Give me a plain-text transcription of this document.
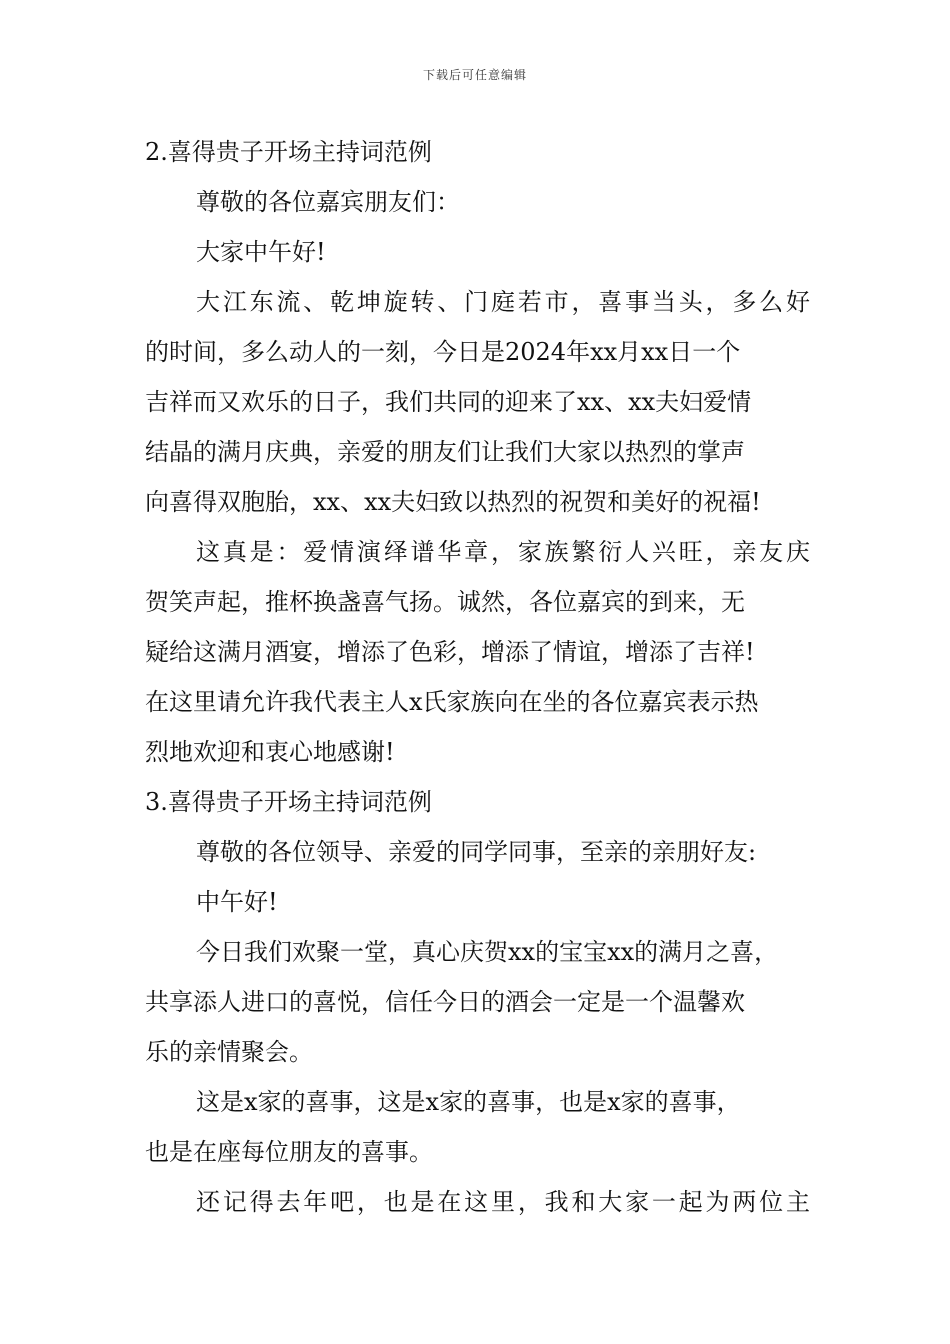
下载后可任意编辑
2.喜得贵子开场主持词范例
尊敬的各位嘉宾朋友们：
大家中午好!
大江东流、乾坤旋转、门庭若市，喜事当头，多么好
的时间，多么动人的一刻，今日是2024年xx月xx日一个
吉祥而又欢乐的日子，我们共同的迎来了xx、xx夫妇爱情
结晶的满月庆典，亲爱的朋友们让我们大家以热烈的掌声
向喜得双胞胎，xx、xx夫妇致以热烈的祝贺和美好的祝福!
这真是：爱情演绎谱华章，家族繁衍人兴旺，亲友庆
贺笑声起，推杯换盏喜气扬。诚然，各位嘉宾的到来，无
疑给这满月酒宴，增添了色彩，增添了情谊，增添了吉祥!
在这里请允许我代表主人x氏家族向在坐的各位嘉宾表示热
烈地欢迎和衷心地感谢!
3.喜得贵子开场主持词范例
尊敬的各位领导、亲爱的同学同事，至亲的亲朋好友:
中午好!
今日我们欢聚一堂，真心庆贺xx的宝宝xx的满月之喜，
共享添人进口的喜悦，信任今日的酒会一定是一个温馨欢
乐的亲情聚会。
这是x家的喜事，这是x家的喜事，也是x家的喜事，
也是在座每位朋友的喜事。
还记得去年吧，也是在这里，我和大家一起为两位主
